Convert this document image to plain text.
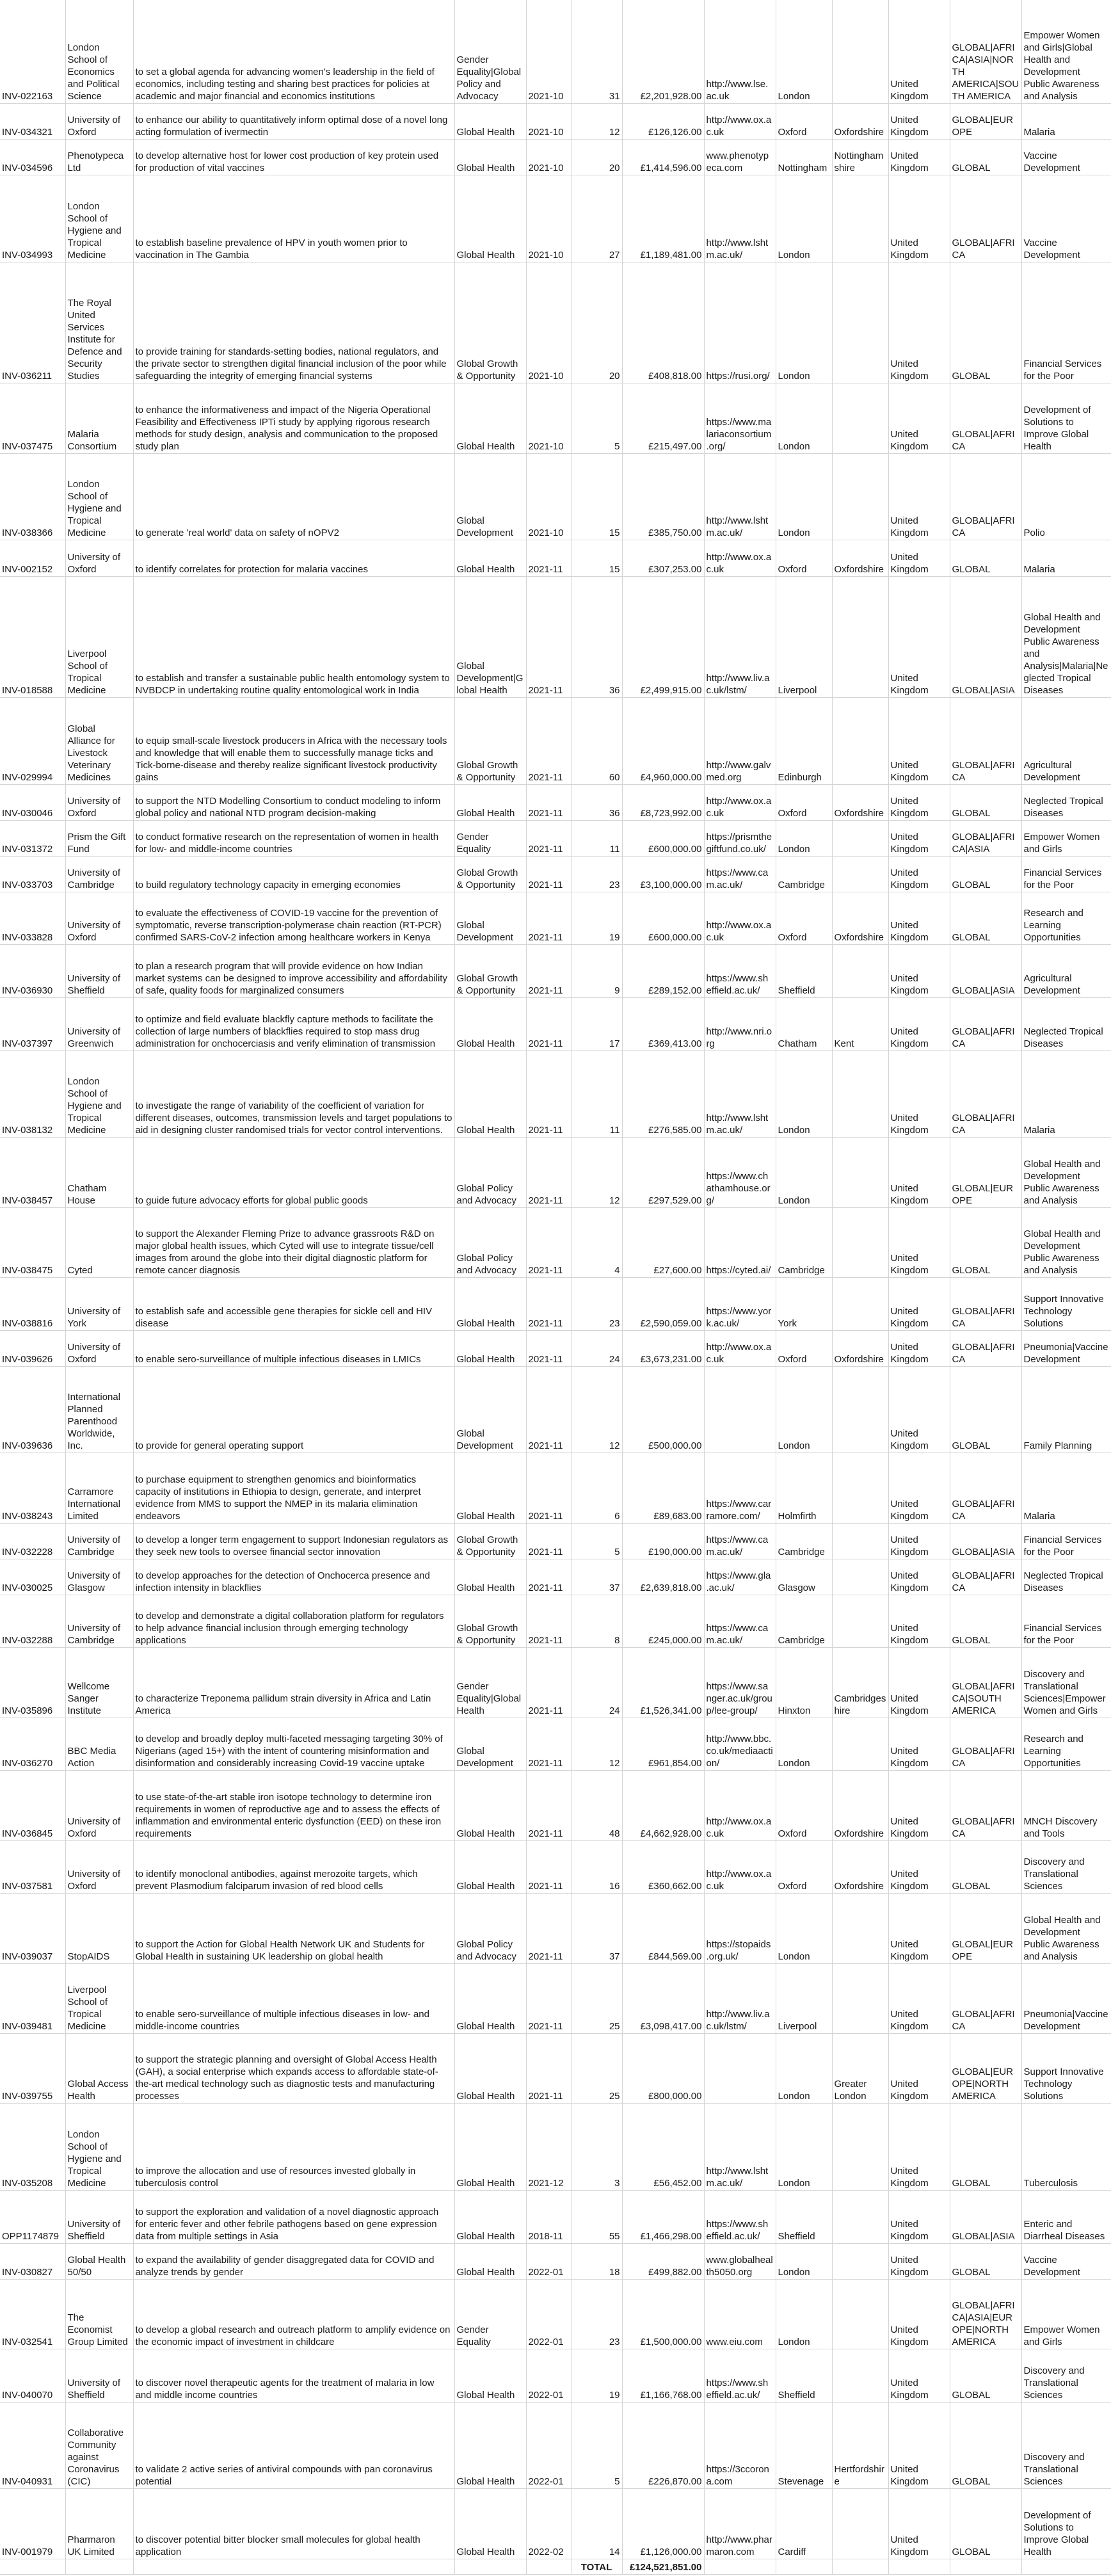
INV-022163	London School of Economics and Political Science	to set a global agenda for advancing women's leadership in the field of economics, including testing and sharing best practices for policies at academic and major financial and economics institutions	Gender Equality|Global Policy and Advocacy	2021-10	31	£2,201,928.00	http://www.lse.ac.uk	London		United Kingdom	GLOBAL|AFRICA|ASIA|NORTH AMERICA|SOUTH AMERICA	Empower Women and Girls|Global Health and Development Public Awareness and Analysis
INV-034321	University of Oxford	to enhance our ability to quantitatively inform optimal dose of a novel long acting formulation of ivermectin	Global Health	2021-10	12	£126,126.00	http://www.ox.ac.uk	Oxford	Oxfordshire	United Kingdom	GLOBAL|EUROPE	Malaria
INV-034596	Phenotypeca Ltd	to develop alternative host for lower cost production of key protein used for production of vital vaccines	Global Health	2021-10	20	£1,414,596.00	www.phenotypeca.com	Nottingham	Nottinghamshire	United Kingdom	GLOBAL	Vaccine Development
INV-034993	London School of Hygiene and Tropical Medicine	to establish baseline prevalence of HPV in youth women prior to vaccination in The Gambia	Global Health	2021-10	27	£1,189,481.00	http://www.lshtm.ac.uk/	London		United Kingdom	GLOBAL|AFRICA	Vaccine Development
INV-036211	The Royal United Services Institute for Defence and Security Studies	to provide training for standards-setting bodies, national regulators, and the private sector to strengthen digital financial inclusion of the poor while safeguarding the integrity of emerging financial systems	Global Growth & Opportunity	2021-10	20	£408,818.00	https://rusi.org/	London		United Kingdom	GLOBAL	Financial Services for the Poor
INV-037475	Malaria Consortium	to enhance the informativeness and impact of the Nigeria Operational Feasibility and Effectiveness IPTi study by applying rigorous research methods for study design, analysis and communication to the proposed study plan	Global Health	2021-10	5	£215,497.00	https://www.malariaconsortium.org/	London		United Kingdom	GLOBAL|AFRICA	Development of Solutions to Improve Global Health
INV-038366	London School of Hygiene and Tropical Medicine	to generate 'real world' data on safety of nOPV2	Global Development	2021-10	15	£385,750.00	http://www.lshtm.ac.uk/	London		United Kingdom	GLOBAL|AFRICA	Polio
INV-002152	University of Oxford	to identify correlates for protection for malaria vaccines	Global Health	2021-11	15	£307,253.00	http://www.ox.ac.uk	Oxford	Oxfordshire	United Kingdom	GLOBAL	Malaria
INV-018588	Liverpool School of Tropical Medicine	to establish and transfer a sustainable public health entomology system to NVBDCP in undertaking routine quality entomological work in India	Global Development|Global Health	2021-11	36	£2,499,915.00	http://www.liv.ac.uk/lstm/	Liverpool		United Kingdom	GLOBAL|ASIA	Global Health and Development Public Awareness and Analysis|Malaria|Neglected Tropical Diseases
INV-029994	Global Alliance for Livestock Veterinary Medicines	to equip small-scale livestock producers in Africa with the necessary tools and knowledge that will enable them to successfully manage ticks and Tick-borne-disease and thereby realize significant livestock productivity gains	Global Growth & Opportunity	2021-11	60	£4,960,000.00	http://www.galvmed.org	Edinburgh		United Kingdom	GLOBAL|AFRICA	Agricultural Development
INV-030046	University of Oxford	to support the NTD Modelling Consortium to conduct modeling to inform global policy and national NTD program decision-making	Global Health	2021-11	36	£8,723,992.00	http://www.ox.ac.uk	Oxford	Oxfordshire	United Kingdom	GLOBAL	Neglected Tropical Diseases
INV-031372	Prism the Gift Fund	to conduct formative research on the representation of women in health for low- and middle-income countries	Gender Equality	2021-11	11	£600,000.00	https://prismthegiftfund.co.uk/	London		United Kingdom	GLOBAL|AFRICA|ASIA	Empower Women and Girls
INV-033703	University of Cambridge	to build regulatory technology capacity in emerging economies	Global Growth & Opportunity	2021-11	23	£3,100,000.00	https://www.cam.ac.uk/	Cambridge		United Kingdom	GLOBAL	Financial Services for the Poor
INV-033828	University of Oxford	to evaluate the effectiveness of COVID-19 vaccine for the prevention of symptomatic, reverse transcription-polymerase chain reaction (RT-PCR) confirmed SARS-CoV-2 infection among healthcare workers in Kenya	Global Development	2021-11	19	£600,000.00	http://www.ox.ac.uk	Oxford	Oxfordshire	United Kingdom	GLOBAL	Research and Learning Opportunities
INV-036930	University of Sheffield	to plan a research program that will provide evidence on how Indian market systems can be designed to improve accessibility and affordability of safe, quality foods for marginalized consumers	Global Growth & Opportunity	2021-11	9	£289,152.00	https://www.sheffield.ac.uk/	Sheffield		United Kingdom	GLOBAL|ASIA	Agricultural Development
INV-037397	University of Greenwich	to optimize and field evaluate blackfly capture methods to facilitate the collection of large numbers of blackflies required to stop mass drug administration for onchocerciasis and verify elimination of transmission	Global Health	2021-11	17	£369,413.00	http://www.nri.org	Chatham	Kent	United Kingdom	GLOBAL|AFRICA	Neglected Tropical Diseases
INV-038132	London School of Hygiene and Tropical Medicine	to investigate the range of variability of the coefficient of variation for different diseases, outcomes, transmission levels and target populations to aid in designing cluster randomised trials for vector control interventions.	Global Health	2021-11	11	£276,585.00	http://www.lshtm.ac.uk/	London		United Kingdom	GLOBAL|AFRICA	Malaria
INV-038457	Chatham House	to guide future advocacy efforts for global public goods	Global Policy and Advocacy	2021-11	12	£297,529.00	https://www.chathamhouse.org/	London		United Kingdom	GLOBAL|EUROPE	Global Health and Development Public Awareness and Analysis
INV-038475	Cyted	to support the Alexander Fleming Prize to advance grassroots R&D on major global health issues, which Cyted will use to integrate tissue/cell images from around the globe into their digital diagnostic platform for remote cancer diagnosis	Global Policy and Advocacy	2021-11	4	£27,600.00	https://cyted.ai/	Cambridge		United Kingdom	GLOBAL	Global Health and Development Public Awareness and Analysis
INV-038816	University of York	to establish safe and accessible gene therapies for sickle cell and HIV disease	Global Health	2021-11	23	£2,590,059.00	https://www.york.ac.uk/	York		United Kingdom	GLOBAL|AFRICA	Support Innovative Technology Solutions
INV-039626	University of Oxford	to enable sero-surveillance of multiple infectious diseases in LMICs	Global Health	2021-11	24	£3,673,231.00	http://www.ox.ac.uk	Oxford	Oxfordshire	United Kingdom	GLOBAL|AFRICA	Pneumonia|Vaccine Development
INV-039636	International Planned Parenthood Worldwide, Inc.	to provide for general operating support	Global Development	2021-11	12	£500,000.00		London		United Kingdom	GLOBAL	Family Planning
INV-038243	Carramore International Limited	to purchase equipment to strengthen genomics and bioinformatics capacity of institutions in Ethiopia to design, generate, and interpret evidence from MMS to support the NMEP in its malaria elimination endeavors	Global Health	2021-11	6	£89,683.00	https://www.carramore.com/	Holmfirth		United Kingdom	GLOBAL|AFRICA	Malaria
INV-032228	University of Cambridge	to develop a longer term engagement to support Indonesian regulators as they seek new tools to oversee financial sector innovation	Global Growth & Opportunity	2021-11	5	£190,000.00	https://www.cam.ac.uk/	Cambridge		United Kingdom	GLOBAL|ASIA	Financial Services for the Poor
INV-030025	University of Glasgow	to develop approaches for the detection of Onchocerca presence and infection intensity in blackflies	Global Health	2021-11	37	£2,639,818.00	https://www.gla.ac.uk/	Glasgow		United Kingdom	GLOBAL|AFRICA	Neglected Tropical Diseases
INV-032288	University of Cambridge	to develop and demonstrate a digital collaboration platform for regulators to help advance financial inclusion through emerging technology applications	Global Growth & Opportunity	2021-11	8	£245,000.00	https://www.cam.ac.uk/	Cambridge		United Kingdom	GLOBAL	Financial Services for the Poor
INV-035896	Wellcome Sanger Institute	to characterize Treponema pallidum strain diversity in Africa and Latin America	Gender Equality|Global Health	2021-11	24	£1,526,341.00	https://www.sanger.ac.uk/group/lee-group/	Hinxton	Cambridgeshire	United Kingdom	GLOBAL|AFRICA|SOUTH AMERICA	Discovery and Translational Sciences|Empower Women and Girls
INV-036270	BBC Media Action	to develop and broadly deploy multi-faceted messaging targeting 30% of Nigerians (aged 15+) with the intent of countering misinformation and disinformation and considerably increasing Covid-19 vaccine uptake	Global Development	2021-11	12	£961,854.00	http://www.bbc.co.uk/mediaaction/	London		United Kingdom	GLOBAL|AFRICA	Research and Learning Opportunities
INV-036845	University of Oxford	to use state-of-the-art stable iron isotope technology to determine iron requirements in women of reproductive age and to assess the effects of inflammation and environmental enteric dysfunction (EED) on these iron requirements	Global Health	2021-11	48	£4,662,928.00	http://www.ox.ac.uk	Oxford	Oxfordshire	United Kingdom	GLOBAL|AFRICA	MNCH Discovery and Tools
INV-037581	University of Oxford	to identify monoclonal antibodies, against merozoite targets, which prevent Plasmodium falciparum invasion of red blood cells	Global Health	2021-11	16	£360,662.00	http://www.ox.ac.uk	Oxford	Oxfordshire	United Kingdom	GLOBAL	Discovery and Translational Sciences
INV-039037	StopAIDS	to support the Action for Global Health Network UK and Students for Global Health in sustaining UK leadership on global health	Global Policy and Advocacy	2021-11	37	£844,569.00	https://stopaids.org.uk/	London		United Kingdom	GLOBAL|EUROPE	Global Health and Development Public Awareness and Analysis
INV-039481	Liverpool School of Tropical Medicine	to enable sero-surveillance of multiple infectious diseases in low- and middle-income countries	Global Health	2021-11	25	£3,098,417.00	http://www.liv.ac.uk/lstm/	Liverpool		United Kingdom	GLOBAL|AFRICA	Pneumonia|Vaccine Development
INV-039755	Global Access Health	to support the strategic planning and oversight of Global Access Health (GAH), a social enterprise which expands access to affordable state-of-the-art medical technology such as diagnostic tests and manufacturing processes	Global Health	2021-11	25	£800,000.00		London	Greater London	United Kingdom	GLOBAL|EUROPE|NORTH AMERICA	Support Innovative Technology Solutions
INV-035208	London School of Hygiene and Tropical Medicine	to improve the allocation and use of resources invested globally in tuberculosis control	Global Health	2021-12	3	£56,452.00	http://www.lshtm.ac.uk/	London		United Kingdom	GLOBAL	Tuberculosis
OPP1174879	University of Sheffield	to support the exploration and validation of a novel diagnostic approach for enteric fever and other febrile pathogens based on gene expression data from multiple settings in Asia	Global Health	2018-11	55	£1,466,298.00	https://www.sheffield.ac.uk/	Sheffield		United Kingdom	GLOBAL|ASIA	Enteric and Diarrheal Diseases
INV-030827	Global Health 50/50	to expand the availability of gender disaggregated data for COVID and analyze trends by gender	Global Health	2022-01	18	£499,882.00	www.globalhealth5050.org	London		United Kingdom	GLOBAL	Vaccine Development
INV-032541	The Economist Group Limited	to develop a global research and outreach platform to amplify evidence on the economic impact of investment in childcare	Gender Equality	2022-01	23	£1,500,000.00	www.eiu.com	London		United Kingdom	GLOBAL|AFRICA|ASIA|EUROPE|NORTH AMERICA	Empower Women and Girls
INV-040070	University of Sheffield	to discover novel therapeutic agents for the treatment of malaria in low and middle income countries	Global Health	2022-01	19	£1,166,768.00	https://www.sheffield.ac.uk/	Sheffield		United Kingdom	GLOBAL	Discovery and Translational Sciences
INV-040931	Collaborative Community against Coronavirus (CIC)	to validate 2 active series of antiviral compounds with pan coronavirus potential	Global Health	2022-01	5	£226,870.00	https://3ccorona.com	Stevenage	Hertfordshire	United Kingdom	GLOBAL	Discovery and Translational Sciences
INV-001979	Pharmaron UK Limited	to discover potential bitter blocker small molecules for global health application	Global Health	2022-02	14	£1,126,000.00	http://www.pharmaron.com	Cardiff		United Kingdom	GLOBAL	Development of Solutions to Improve Global Health
					TOTAL	£124,521,851.00						
